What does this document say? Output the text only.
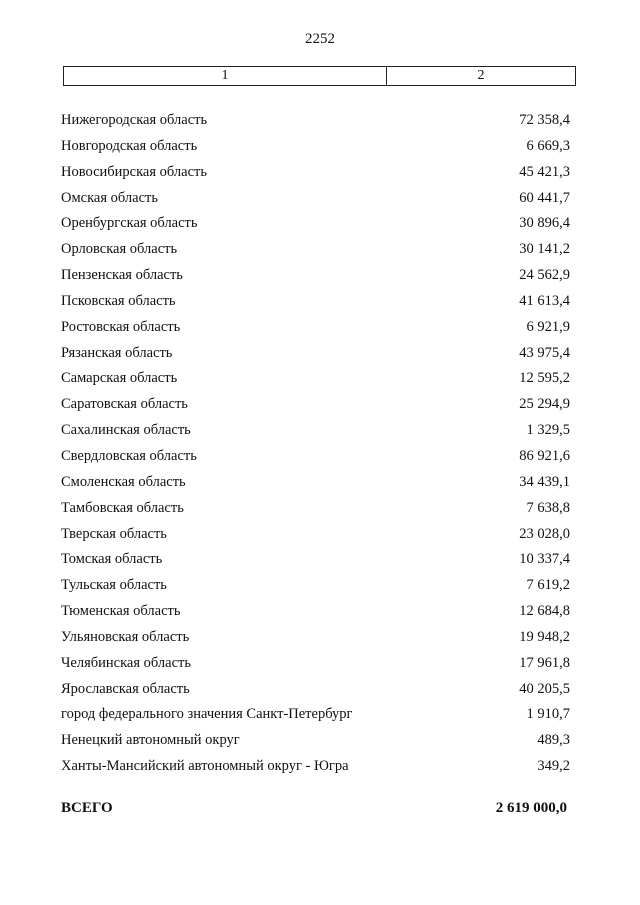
2252
1	2
Нижегородская область	72 358,4
Новгородская область	6 669,3
Новосибирская область	45 421,3
Омская область	60 441,7
Оренбургская область	30 896,4
Орловская область	30 141,2
Пензенская область	24 562,9
Псковская область	41 613,4
Ростовская область	6 921,9
Рязанская область	43 975,4
Самарская область	12 595,2
Саратовская область	25 294,9
Сахалинская область	1 329,5
Свердловская область	86 921,6
Смоленская область	34 439,1
Тамбовская область	7 638,8
Тверская область	23 028,0
Томская область	10 337,4
Тульская область	7 619,2
Тюменская область	12 684,8
Ульяновская область	19 948,2
Челябинская область	17 961,8
Ярославская область	40 205,5
город федерального значения Санкт-Петербург	1 910,7
Ненецкий автономный округ	489,3
Ханты-Мансийский автономный округ - Югра	349,2
ВСЕГО	2 619 000,0
